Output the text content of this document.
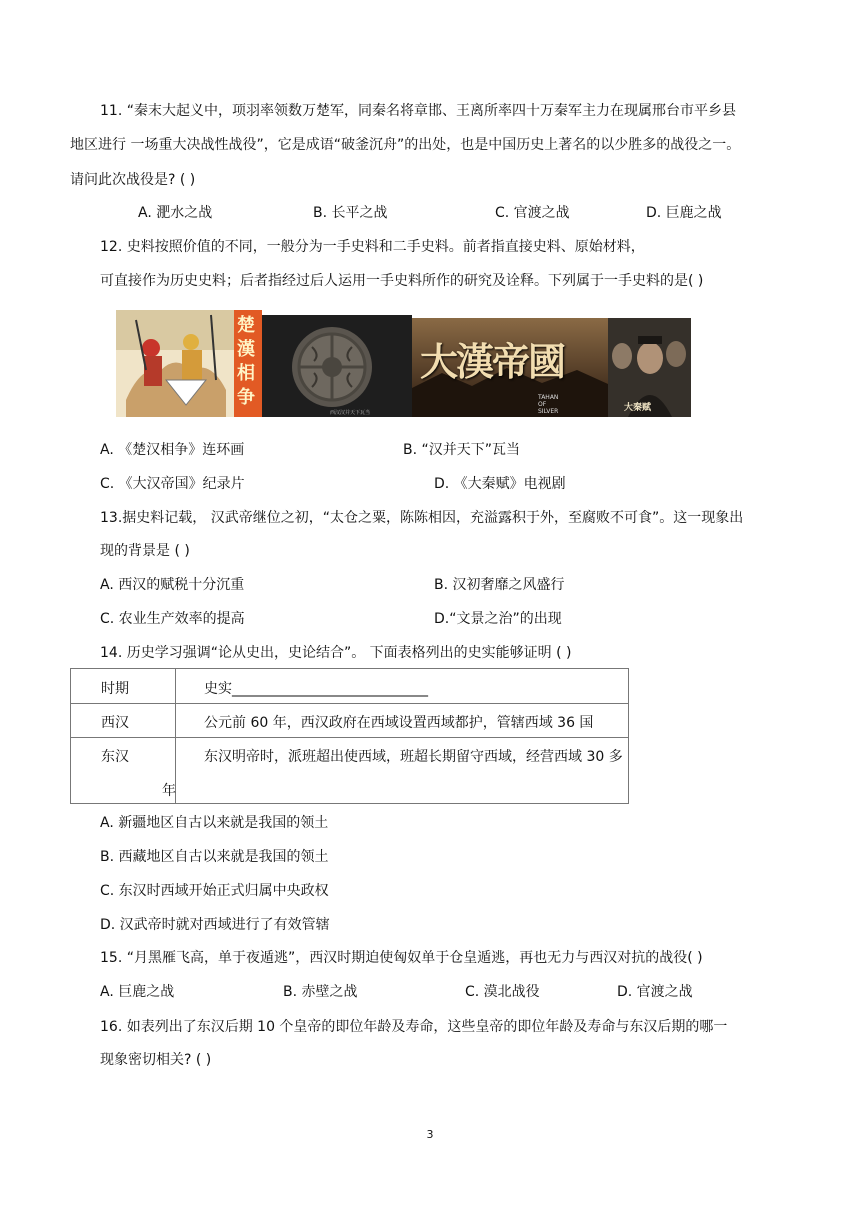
11. “秦末大起义中，项羽率领数万楚军，同秦名将章邯、王离所率四十万秦军主力在现属邢台市平乡县
地区进行 一场重大决战性战役”，它是成语“破釜沉舟”的出处，也是中国历史上著名的以少胜多的战役之一。
请问此次战役是? ( )
A. 淝水之战	B. 长平之战	C. 官渡之战	D. 巨鹿之战
12. 史料按照价值的不同，一般分为一手史料和二手史料。前者指直接史料、原始材料，
可直接作为历史史料；后者指经过后人运用一手史料所作的研究及诠释。下列属于一手史料的是( )
楚漢相争
西汉汉并天下瓦当
大漢帝國
TAHAN OF SILVER	大秦赋
A. 《楚汉相争》连环画	B. “汉并天下”瓦当
C. 《大汉帝国》纪录片	D. 《大秦赋》电视剧
13.据史料记载， 汉武帝继位之初，“太仓之粟，陈陈相因，充溢露积于外，至腐败不可食”。这一现象出
现的背景是 ( )
A. 西汉的赋税十分沉重	B. 汉初奢靡之风盛行
C. 农业生产效率的提高	D.“文景之治”的出现
14. 历史学习强调“论从史出，史论结合”。 下面表格列出的史实能够证明 ( )
时期	史实____________________________
西汉	公元前 60 年，西汉政府在西域设置西域都护，管辖西域 36 国
东汉	东汉明帝时，派班超出使西域，班超长期留守西域，经营西域 30 多
年
A. 新疆地区自古以来就是我国的领土
B. 西藏地区自古以来就是我国的领土
C. 东汉时西域开始正式归属中央政权
D. 汉武帝时就对西域进行了有效管辖
15. “月黑雁飞高，单于夜遁逃”，西汉时期迫使匈奴单于仓皇遁逃，再也无力与西汉对抗的战役( )
A. 巨鹿之战	B. 赤壁之战	C. 漠北战役	D. 官渡之战
16. 如表列出了东汉后期 10 个皇帝的即位年龄及寿命，这些皇帝的即位年龄及寿命与东汉后期的哪一
现象密切相关? ( )
3
